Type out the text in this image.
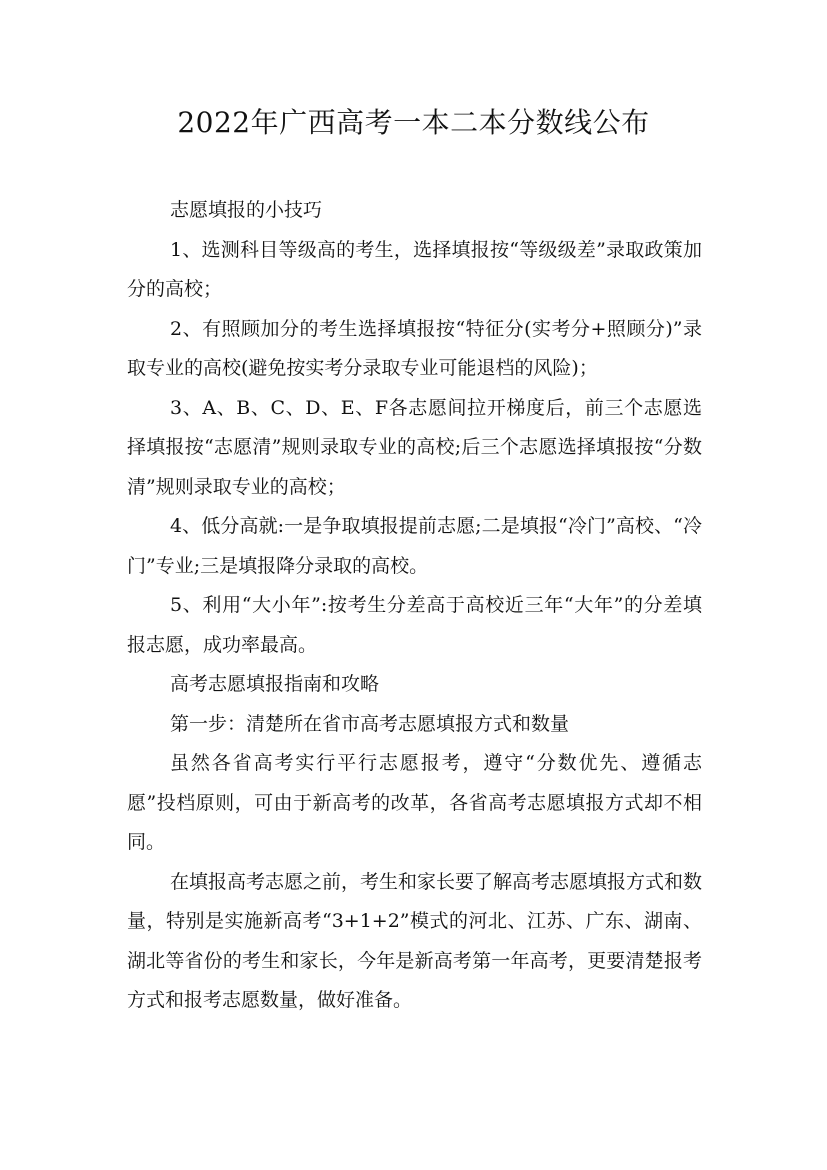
2022年广西高考一本二本分数线公布

志愿填报的小技巧

1、选测科目等级高的考生，选择填报按“等级级差”录取政策加分的高校；

2、有照顾加分的考生选择填报按“特征分(实考分+照顾分)”录取专业的高校(避免按实考分录取专业可能退档的风险)；

3、A、B、C、D、E、F各志愿间拉开梯度后，前三个志愿选择填报按“志愿清”规则录取专业的高校;后三个志愿选择填报按“分数清”规则录取专业的高校；

4、低分高就:一是争取填报提前志愿;二是填报“冷门”高校、“冷门”专业;三是填报降分录取的高校。

5、利用“大小年”:按考生分差高于高校近三年“大年”的分差填报志愿，成功率最高。

高考志愿填报指南和攻略

第一步：清楚所在省市高考志愿填报方式和数量

虽然各省高考实行平行志愿报考，遵守“分数优先、遵循志愿”投档原则，可由于新高考的改革，各省高考志愿填报方式却不相同。

在填报高考志愿之前，考生和家长要了解高考志愿填报方式和数量，特别是实施新高考“3+1+2”模式的河北、江苏、广东、湖南、湖北等省份的考生和家长，今年是新高考第一年高考，更要清楚报考方式和报考志愿数量，做好准备。
